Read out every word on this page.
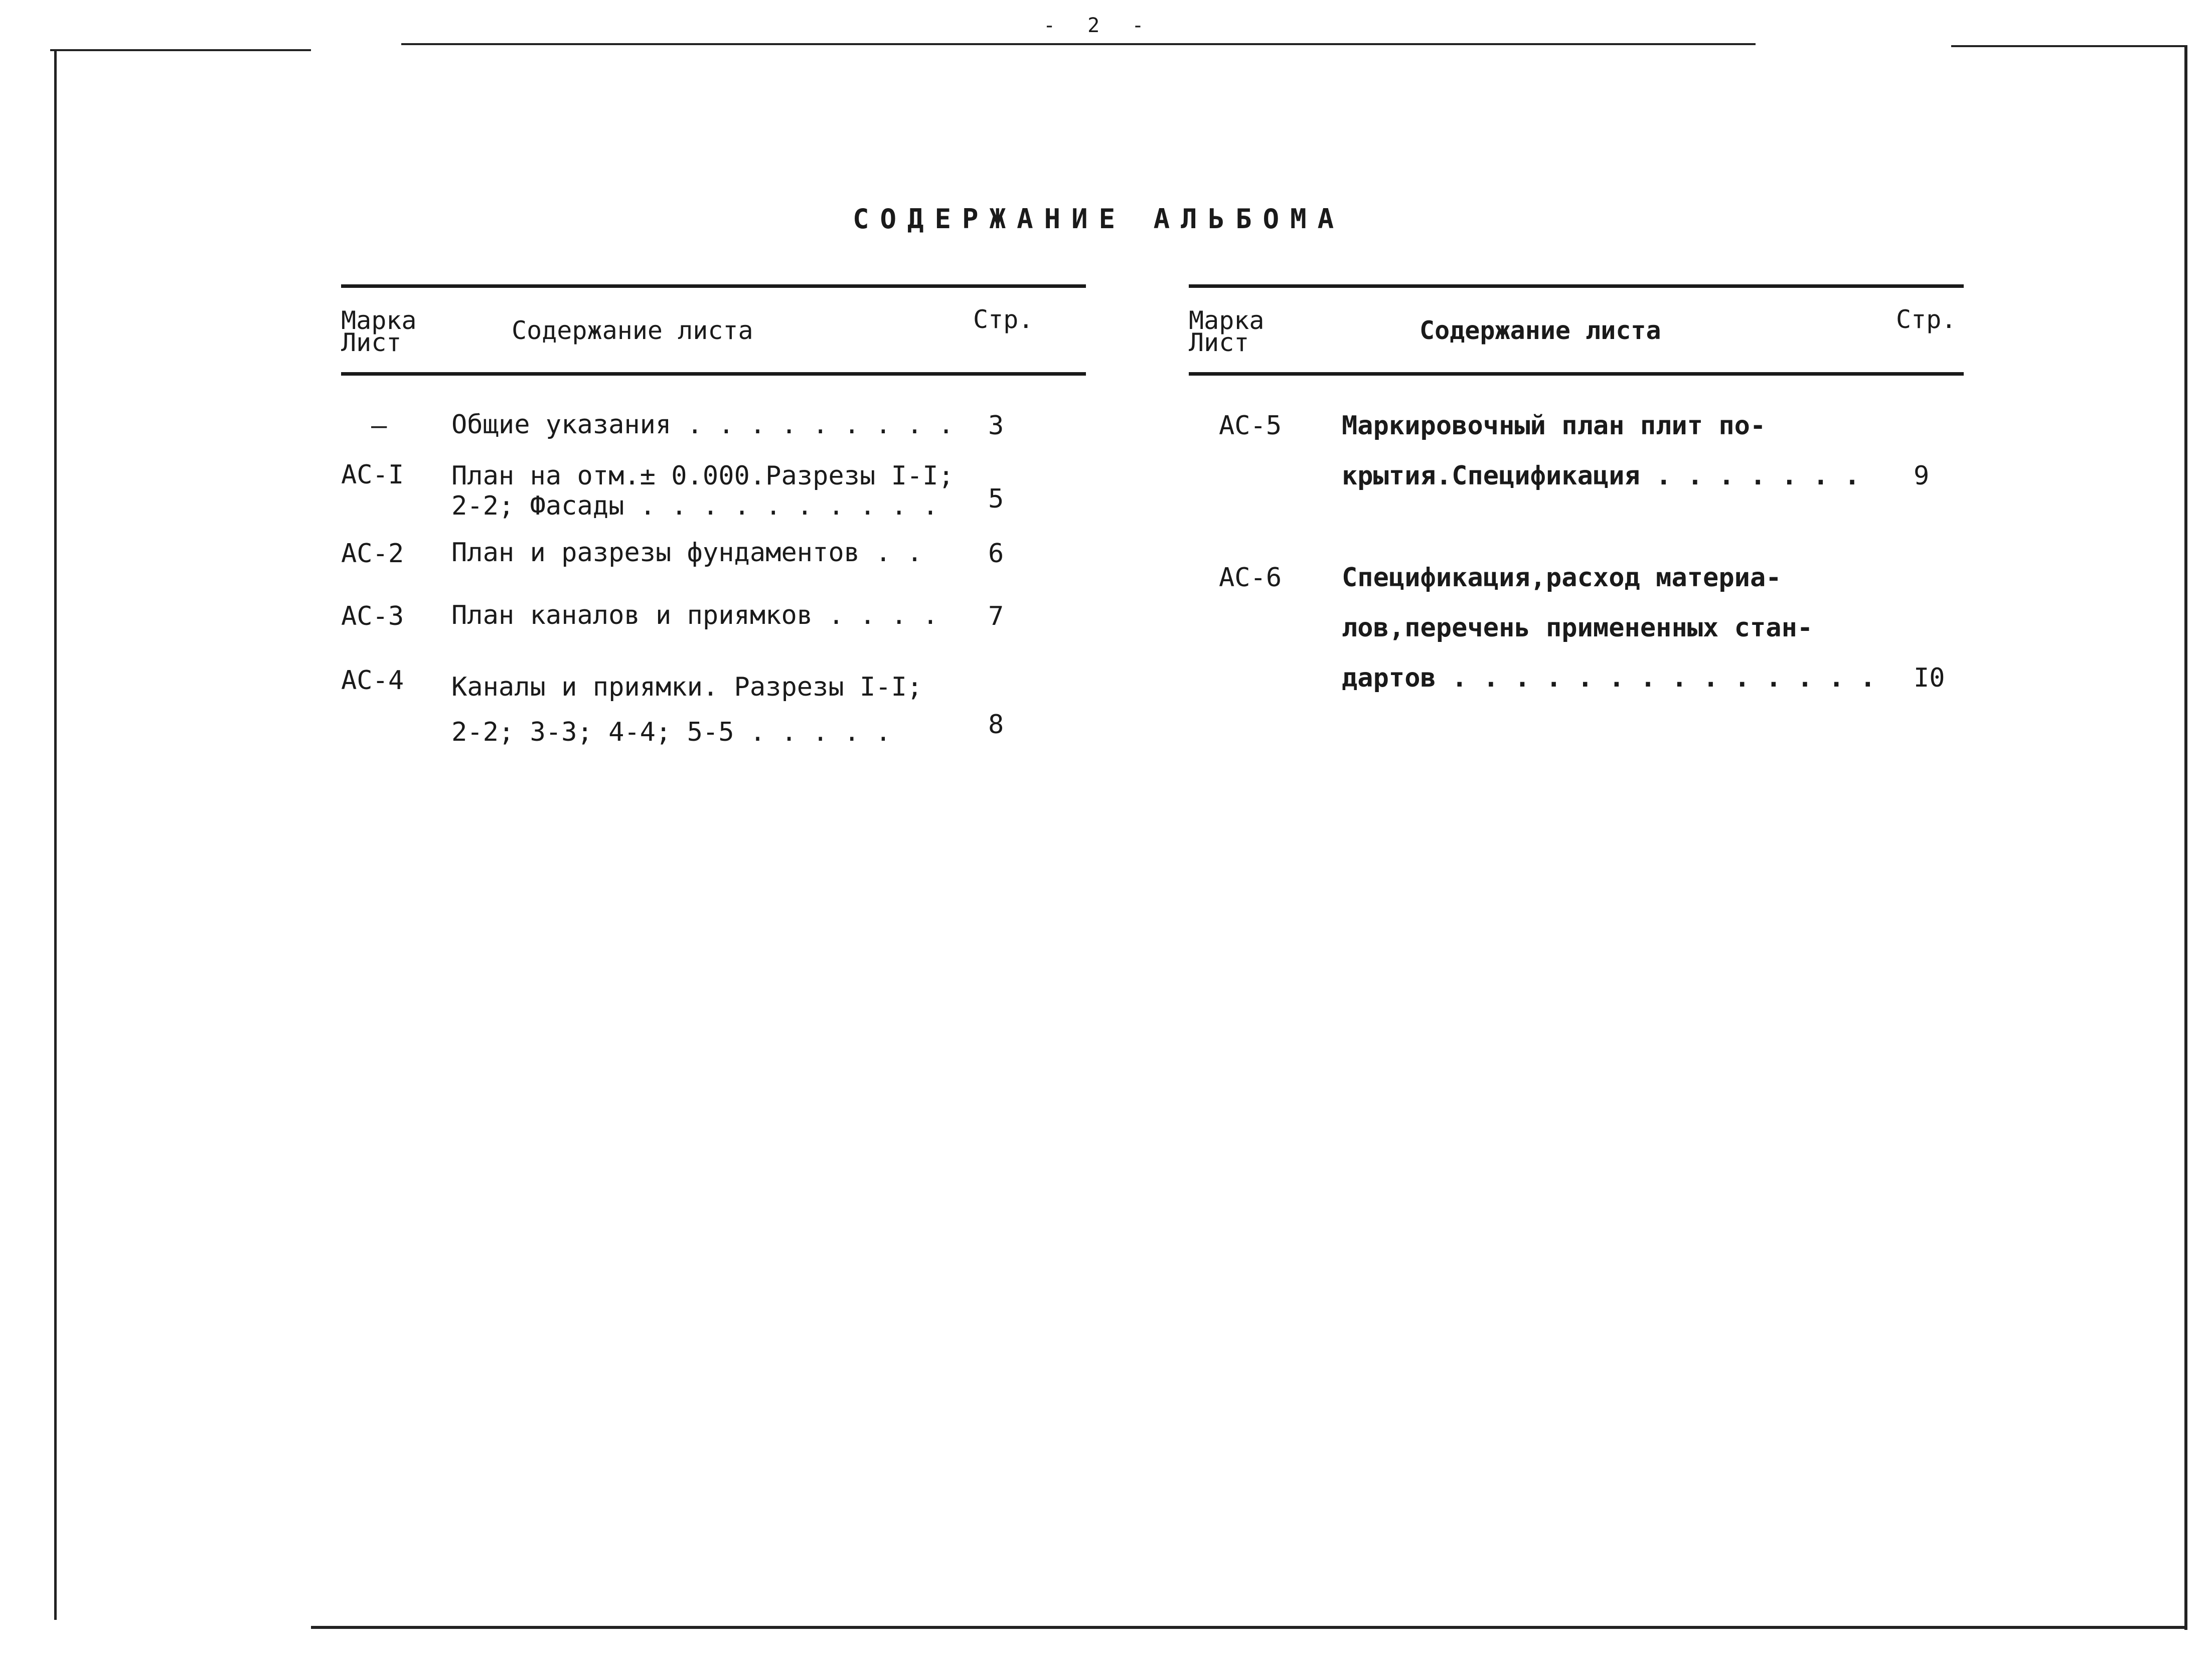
- 2 -
СОДЕРЖАНИЕ АЛЬБОМА
Марка
Лист	Содержание листа	Стр.
– Общие указания . . . . . . . . . 3
АС-I План на отм.± 0.000.Разрезы I-I;
2-2; Фасады . . . . . . . . . .	5
АС-2 План и разрезы фундаментов . .	6
АС-3 План каналов и приямков . . . . 7
АС-4 Каналы и приямки. Разрезы I-I;
2-2; 3-3; 4-4; 5-5 . . . . .	8
Марка
Лист	Содержание листа	Стр.
АС-5 Маркировочный план плит по-
крытия.Спецификация . . . . . . . 9
АС-6 Спецификация,расход материа-
лов,перечень примененных стан-
дартов . . . . . . . . . . . . . . I0
